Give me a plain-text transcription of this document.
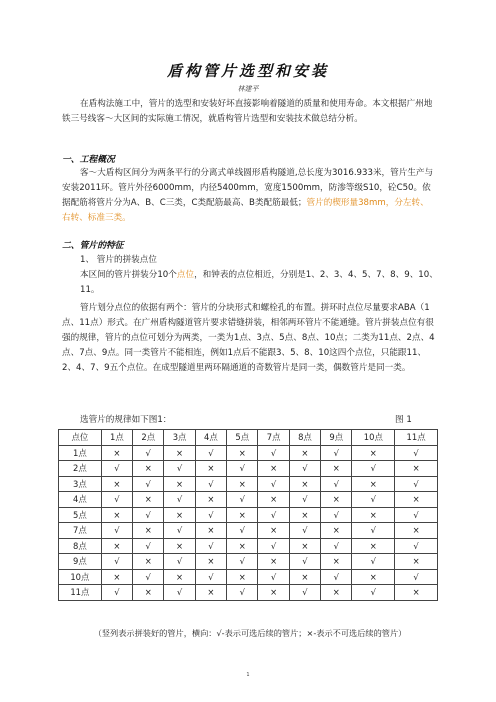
盾构管片选型和安装
林建平
在盾构法施工中，管片的选型和安装好坏直接影响着隧道的质量和使用寿命。本文根据广州地铁三号线客～大区间的实际施工情况，就盾构管片选型和安装技术做总结分析。
一、工程概况
客～大盾构区间分为两条平行的分离式单线圆形盾构隧道,总长度为3016.933米，管片生产与安装2011环。管片外径6000mm，内径5400mm，宽度1500mm，防渗等级S10，砼C50。依据配筋将管片分为A、B、C三类，C类配筋最高、B类配筋最低；管片的楔形量38mm，分左转、右转、标准三类。
二、管片的特征
1、 管片的拼装点位
本区间的管片拼装分10个点位，和钟表的点位相近，分别是1、2、3、4、5、7、8、9、10、11。
管片划分点位的依据有两个：管片的分块形式和螺栓孔的布置。拼环时点位尽量要求ABA（1点、11点）形式。在广州盾构隧道管片要求错缝拼装，相邻两环管片不能通缝。管片拼装点位有很强的规律，管片的点位可划分为两类，一类为1点、3点、5点、8点、10点；二类为11点、2点、4点、7点、9点。同一类管片不能相连，例如1点后不能跟3、5、8、10这四个点位，只能跟11、2、4、7、9五个点位。在成型隧道里两环隔通道的奇数管片是同一类，偶数管片是同一类。
选管片的规律如下图1：	图 1
点位	1点	2点	3点	4点	5点	7点	8点	9点	10点	11点
1点	×	√	×	√	×	√	×	√	×	√
2点	√	×	√	×	√	×	√	×	√	×
3点	×	√	×	√	×	√	×	√	×	√
4点	√	×	√	×	√	×	√	×	√	×
5点	×	√	×	√	×	√	×	√	×	√
7点	√	×	√	×	√	×	√	×	√	×
8点	×	√	×	√	×	√	×	√	×	√
9点	√	×	√	×	√	×	√	×	√	×
10点	×	√	×	√	×	√	×	√	×	√
11点	√	×	√	×	√	×	√	×	√	×
（竖列表示拼装好的管片，横向：√-表示可选后续的管片；×-表示不可选后续的管片）
1
